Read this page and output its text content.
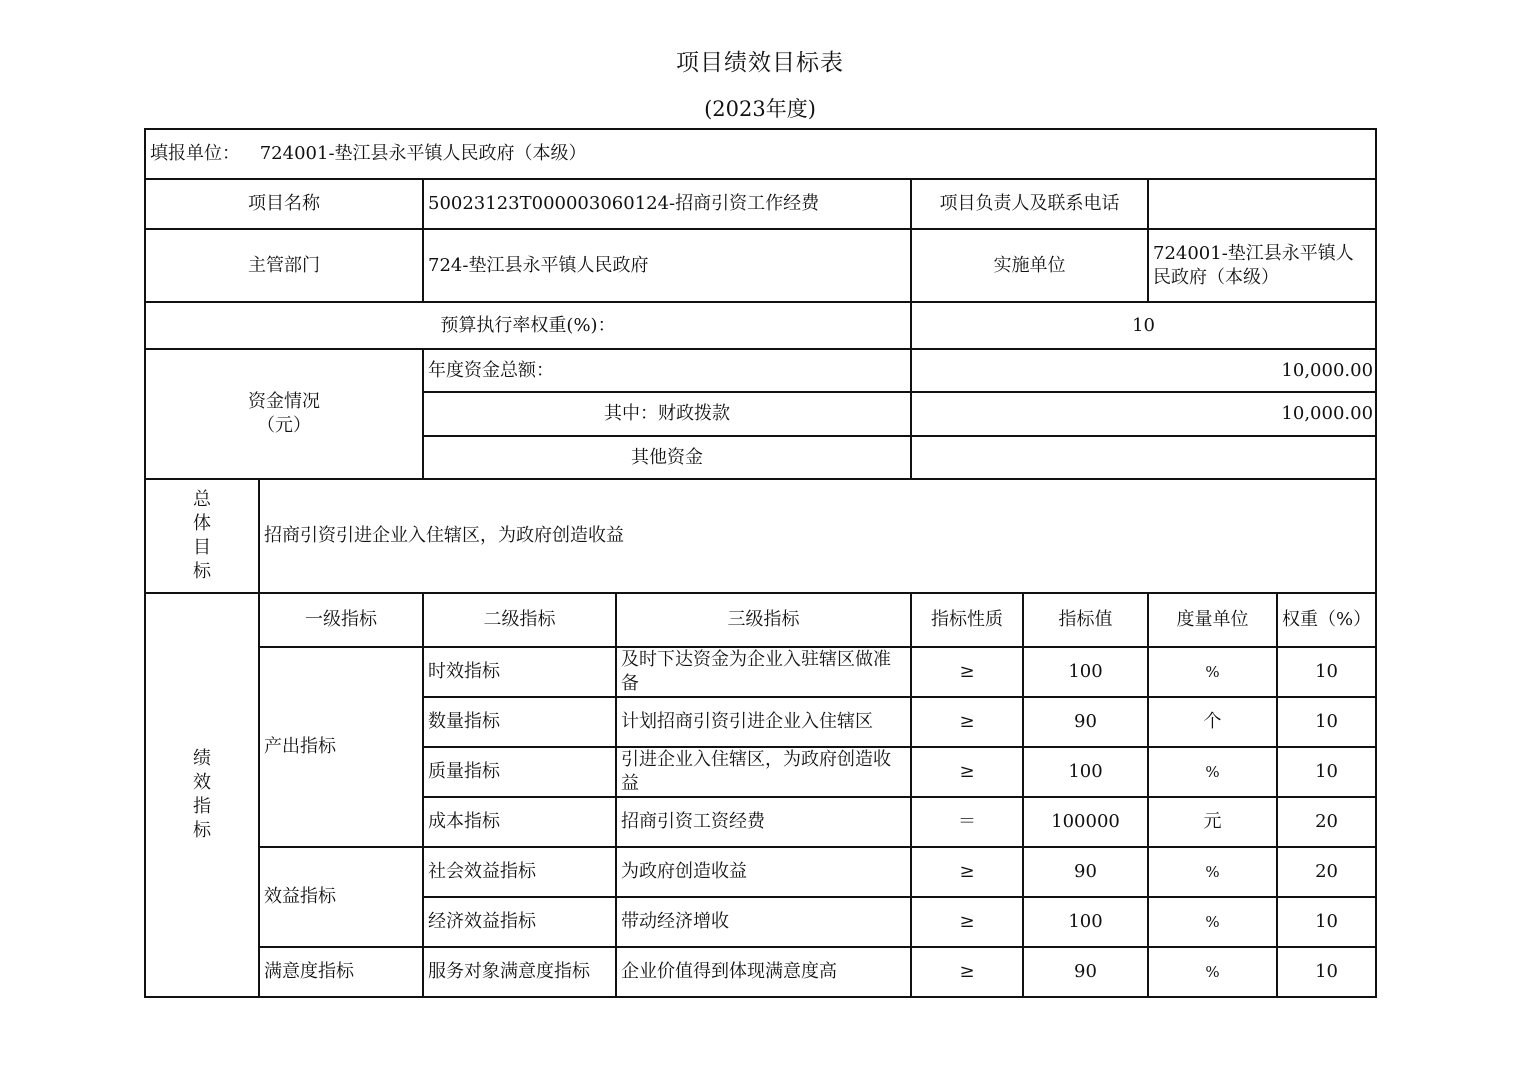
项目绩效目标表
(2023年度)
填报单位： 724001-垫江县永平镇人民政府（本级）							
项目名称		50023123T000003060124-招商引资工作经费		项目负责人及联系电话			
主管部门		724-垫江县永平镇人民政府		实施单位		724001-垫江县永平镇人民政府（本级）	
预算执行率权重(%)：				10			

资金情况
（元）		年度资金总额：		10,000.00			
		其中：财政拨款		10,000.00			
		其他资金					

总
体
目
标	招商引资引进企业入住辖区，为政府创造收益						

绩
效
指
标	一级指标	二级指标	三级指标	指标性质	指标值	度量单位	权重（%）
	产出指标	时效指标	及时下达资金为企业入驻辖区做准备	≥	100	%	10
		数量指标	计划招商引资引进企业入住辖区	≥	90	个	10
		质量指标	引进企业入住辖区，为政府创造收益	≥	100	%	10
		成本指标	招商引资工资经费	＝	100000	元	20
	效益指标	社会效益指标	为政府创造收益	≥	90	%	20
		经济效益指标	带动经济增收	≥	100	%	10
	满意度指标	服务对象满意度指标	企业价值得到体现满意度高	≥	90	%	10
